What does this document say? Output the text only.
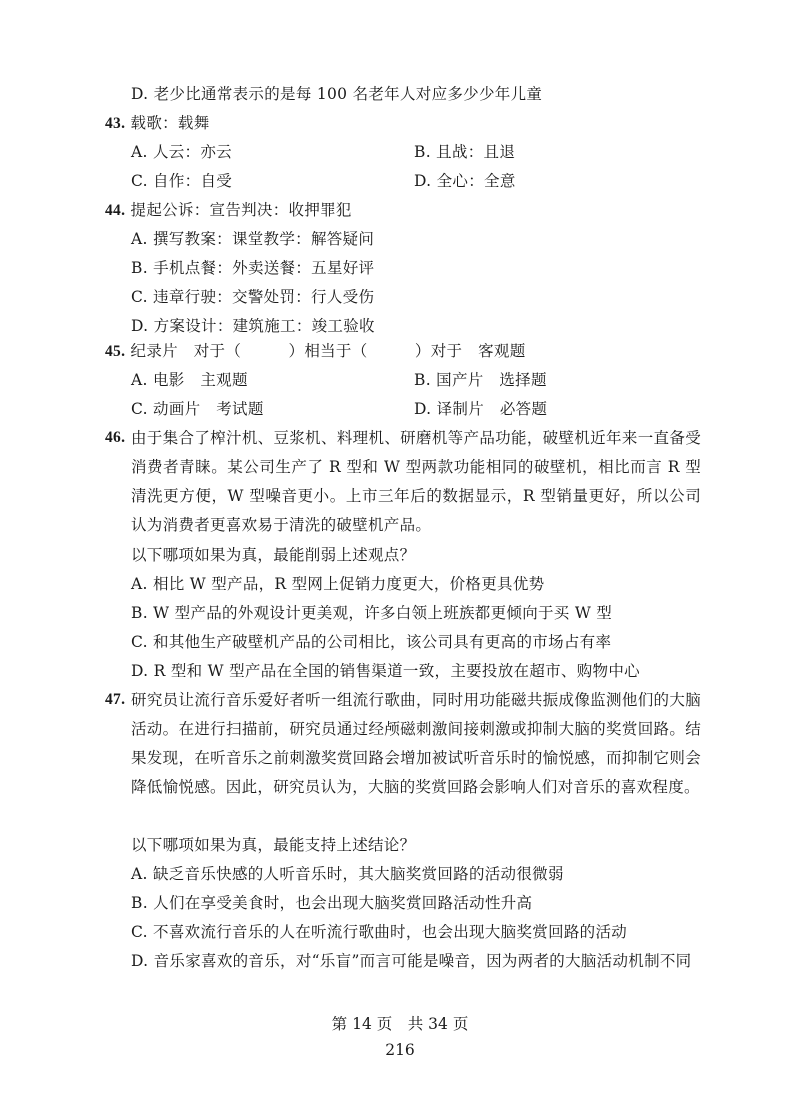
D. 老少比通常表示的是每 100 名老年人对应多少少年儿童
43. 载歌：载舞
A. 人云：亦云	B. 且战：且退
C. 自作：自受	D. 全心：全意
44. 提起公诉：宣告判决：收押罪犯
A. 撰写教案：课堂教学：解答疑问
B. 手机点餐：外卖送餐：五星好评
C. 违章行驶：交警处罚：行人受伤
D. 方案设计：建筑施工：竣工验收
45. 纪录片　对于（　　　）相当于（　　　）对于　客观题
A. 电影　主观题	B. 国产片　选择题
C. 动画片　考试题	D. 译制片　必答题
46. 由于集合了榨汁机、豆浆机、料理机、研磨机等产品功能，破壁机近年来一直备受消费者青睐。某公司生产了 R 型和 W 型两款功能相同的破壁机，相比而言 R 型清洗更方便，W 型噪音更小。上市三年后的数据显示，R 型销量更好，所以公司认为消费者更喜欢易于清洗的破壁机产品。
以下哪项如果为真，最能削弱上述观点？
A. 相比 W 型产品，R 型网上促销力度更大，价格更具优势
B. W 型产品的外观设计更美观，许多白领上班族都更倾向于买 W 型
C. 和其他生产破壁机产品的公司相比，该公司具有更高的市场占有率
D. R 型和 W 型产品在全国的销售渠道一致，主要投放在超市、购物中心
47. 研究员让流行音乐爱好者听一组流行歌曲，同时用功能磁共振成像监测他们的大脑活动。在进行扫描前，研究员通过经颅磁刺激间接刺激或抑制大脑的奖赏回路。结果发现，在听音乐之前刺激奖赏回路会增加被试听音乐时的愉悦感，而抑制它则会降低愉悦感。因此，研究员认为，大脑的奖赏回路会影响人们对音乐的喜欢程度。
以下哪项如果为真，最能支持上述结论？
A. 缺乏音乐快感的人听音乐时，其大脑奖赏回路的活动很微弱
B. 人们在享受美食时，也会出现大脑奖赏回路活动性升高
C. 不喜欢流行音乐的人在听流行歌曲时，也会出现大脑奖赏回路的活动
D. 音乐家喜欢的音乐，对“乐盲”而言可能是噪音，因为两者的大脑活动机制不同
第 14 页　共 34 页
216
